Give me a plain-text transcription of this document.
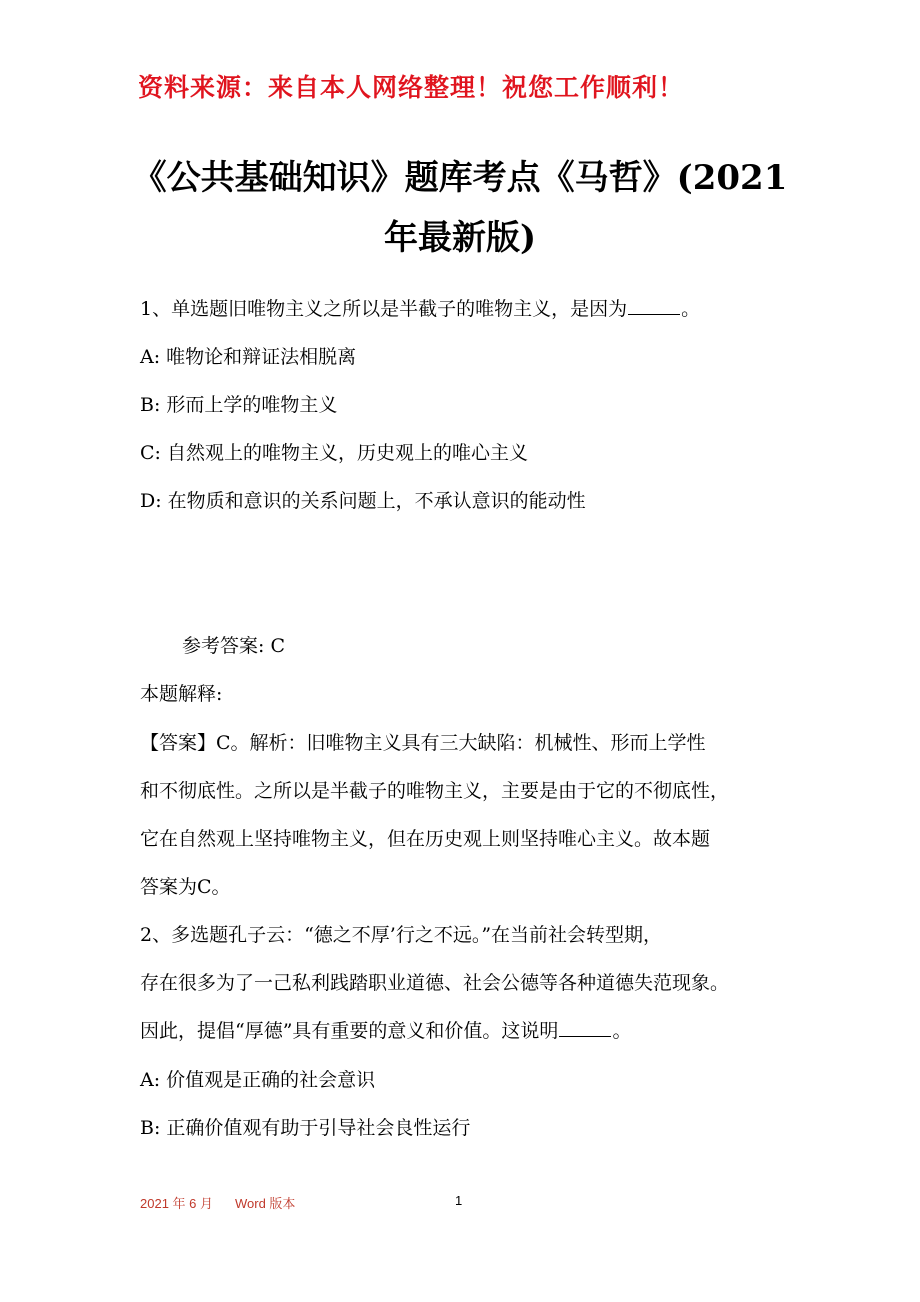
资料来源：来自本人网络整理！祝您工作顺利！
《公共基础知识》题库考点《马哲》(2021
年最新版)
1、单选题旧唯物主义之所以是半截子的唯物主义，是因为	。
A: 唯物论和辩证法相脱离
B: 形而上学的唯物主义
C: 自然观上的唯物主义，历史观上的唯心主义
D: 在物质和意识的关系问题上，不承认意识的能动性
参考答案: C
本题解释:
【答案】C。解析：旧唯物主义具有三大缺陷：机械性、形而上学性
和不彻底性。之所以是半截子的唯物主义，主要是由于它的不彻底性，
它在自然观上坚持唯物主义，但在历史观上则坚持唯心主义。故本题
答案为C。
2、多选题孔子云：“德之不厚’行之不远。”在当前社会转型期，
存在很多为了一己私利践踏职业道德、社会公德等各种道德失范现象。
因此，提倡“厚德”具有重要的意义和价值。这说明	。
A: 价值观是正确的社会意识
B: 正确价值观有助于引导社会良性运行
2021 年 6 月 Word 版本	1
